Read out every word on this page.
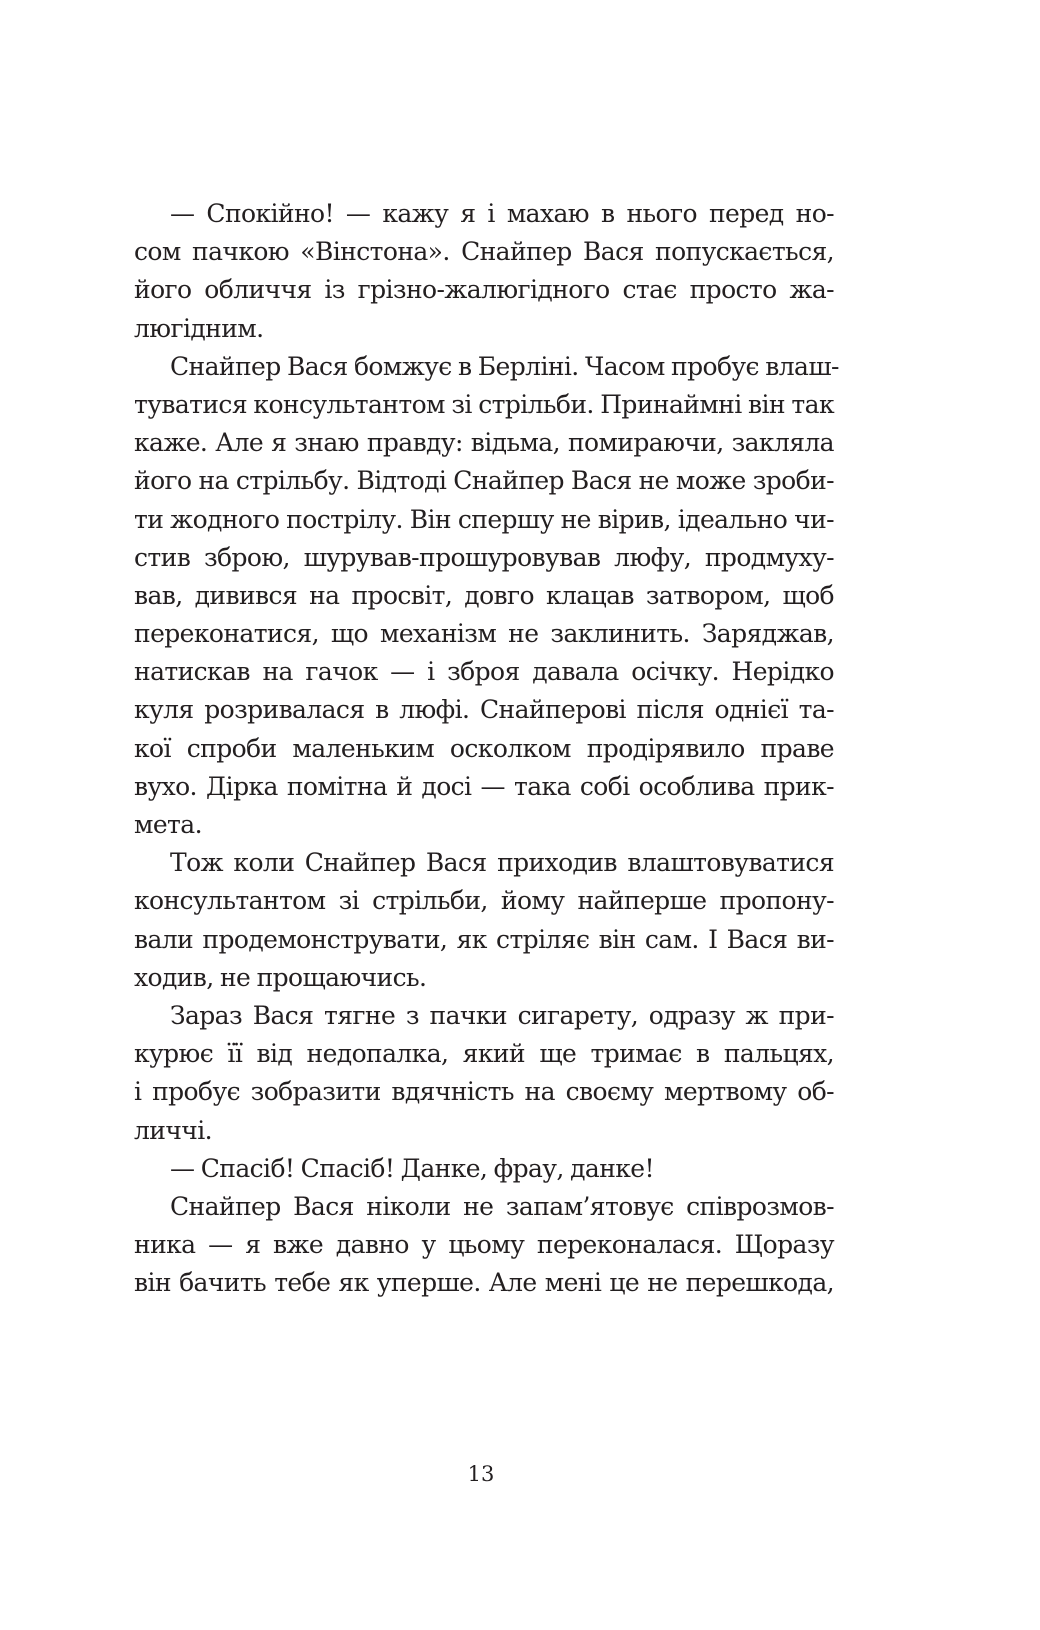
— Спокійно! — кажу я і махаю в нього перед но-
сом пачкою «Вінстона». Снайпер Вася попускається,
його обличчя із грізно-жалюгідного стає просто жа-
люгідним.
Снайпер Вася бомжує в Берліні. Часом пробує влаш-
туватися консультантом зі стрільби. Принаймні він так
каже. Але я знаю правду: відьма, помираючи, закляла
його на стрільбу. Відтоді Снайпер Вася не може зроби-
ти жодного пострілу. Він спершу не вірив, ідеально чи-
стив зброю, шурував-прошуровував люфу, продмуху-
вав, дивився на просвіт, довго клацав затвором, щоб
переконатися, що механізм не заклинить. Заряджав,
натискав на гачок — і зброя давала осічку. Нерідко
куля розривалася в люфі. Снайперові після однієї та-
кої спроби маленьким осколком продірявило праве
вухо. Дірка помітна й досі — така собі особлива прик-
мета.
Тож коли Снайпер Вася приходив влаштовуватися
консультантом зі стрільби, йому найперше пропону-
вали продемонструвати, як стріляє він сам. І Вася ви-
ходив, не прощаючись.
Зараз Вася тягне з пачки сигарету, одразу ж при-
курює її від недопалка, який ще тримає в пальцях,
і пробує зобразити вдячність на своєму мертвому об-
личчі.
— Спасіб! Спасіб! Данке, фрау, данке!
Снайпер Вася ніколи не запам’ятовує співрозмов-
ника — я вже давно у цьому переконалася. Щоразу
він бачить тебе як уперше. Але мені це не перешкода,
13
